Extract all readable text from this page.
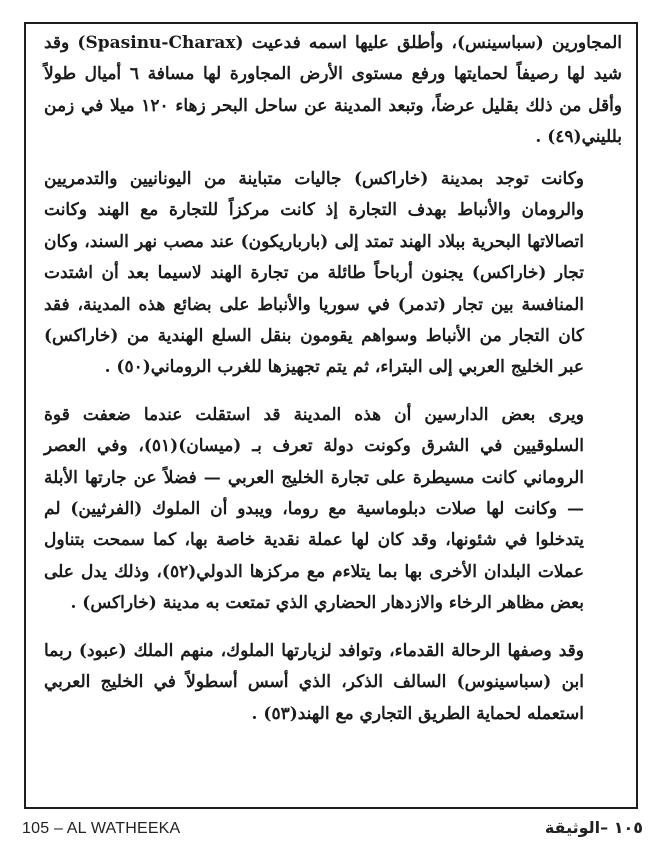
المجاورين (سباسينس)، وأطلق عليها اسمه فدعيت (Spasinu-Charax) وقد شيد لها رصيفاً لحمايتها ورفع مستوى الأرض المجاورة لها مسافة ٦ أميال طولاً وأقل من ذلك بقليل عرضاً، وتبعد المدينة عن ساحل البحر زهاء ١٢٠ ميلا في زمن بلليني(٤٩) .

وكانت توجد بمدينة (خاراكس) جاليات متباينة من اليونانيين والتدمريين والرومان والأنباط بهدف التجارة إذ كانت مركزاً للتجارة مع الهند وكانت اتصالاتها البحرية ببلاد الهند تمتد إلى (بارباريكون) عند مصب نهر السند، وكان تجار (خاراكس) يجنون أرباحاً طائلة من تجارة الهند لاسيما بعد أن اشتدت المنافسة بين تجار (تدمر) في سوريا والأنباط على بضائع هذه المدينة، فقد كان التجار من الأنباط وسواهم يقومون بنقل السلع الهندية من (خاراكس) عبر الخليج العربي إلى البتراء، ثم يتم تجهيزها للغرب الروماني(٥٠) .

ويرى بعض الدارسين أن هذه المدينة قد استقلت عندما ضعفت قوة السلوقيين في الشرق وكونت دولة تعرف بـ (ميسان)(٥١)، وفي العصر الروماني كانت مسيطرة على تجارة الخليج العربي — فضلاً عن جارتها الأبلة — وكانت لها صلات دبلوماسية مع روما، ويبدو أن الملوك (الفرثيين) لم يتدخلوا في شئونها، وقد كان لها عملة نقدية خاصة بها، كما سمحت بتناول عملات البلدان الأخرى بها بما يتلاءم مع مركزها الدولي(٥٢)، وذلك يدل على بعض مظاهر الرخاء والازدهار الحضاري الذي تمتعت به مدينة (خاراكس) .

وقد وصفها الرحالة القدماء، وتوافد لزيارتها الملوك، منهم الملك (عبود) ربما ابن (سباسينوس) السالف الذكر، الذي أسس أسطولاً في الخليج العربي استعمله لحماية الطريق التجاري مع الهند(٥٣) .

105 – AL WATHEEKA	١٠٥ –الوثيقة
